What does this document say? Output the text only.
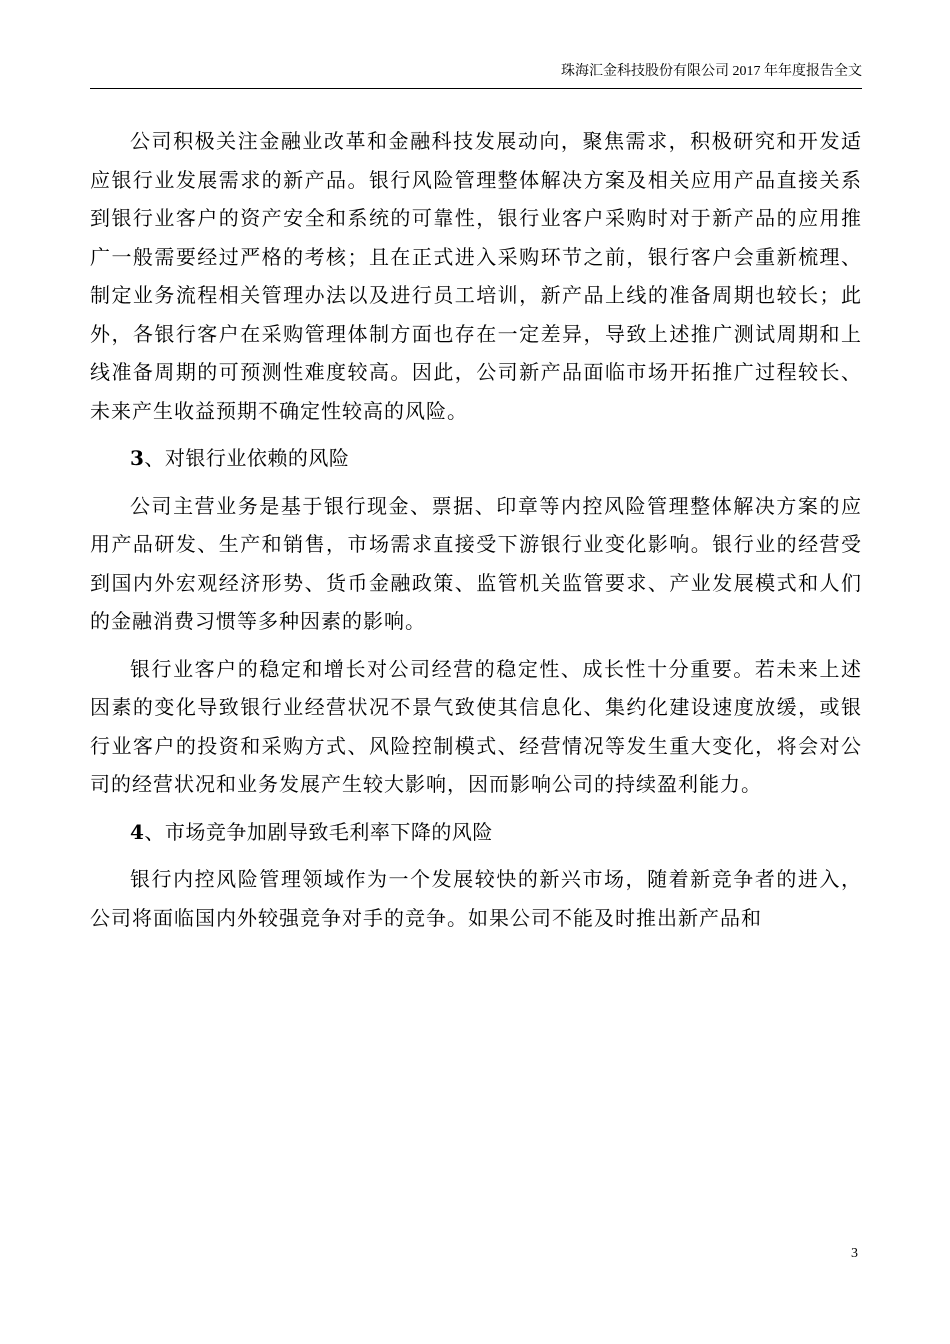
珠海汇金科技股份有限公司 2017 年年度报告全文

公司积极关注金融业改革和金融科技发展动向，聚焦需求，积极研究和开发适应银行业发展需求的新产品。银行风险管理整体解决方案及相关应用产品直接关系到银行业客户的资产安全和系统的可靠性，银行业客户采购时对于新产品的应用推广一般需要经过严格的考核；且在正式进入采购环节之前，银行客户会重新梳理、制定业务流程相关管理办法以及进行员工培训，新产品上线的准备周期也较长；此外，各银行客户在采购管理体制方面也存在一定差异，导致上述推广测试周期和上线准备周期的可预测性难度较高。因此，公司新产品面临市场开拓推广过程较长、未来产生收益预期不确定性较高的风险。

3、对银行业依赖的风险

公司主营业务是基于银行现金、票据、印章等内控风险管理整体解决方案的应用产品研发、生产和销售，市场需求直接受下游银行业变化影响。银行业的经营受到国内外宏观经济形势、货币金融政策、监管机关监管要求、产业发展模式和人们的金融消费习惯等多种因素的影响。

银行业客户的稳定和增长对公司经营的稳定性、成长性十分重要。若未来上述因素的变化导致银行业经营状况不景气致使其信息化、集约化建设速度放缓，或银行业客户的投资和采购方式、风险控制模式、经营情况等发生重大变化，将会对公司的经营状况和业务发展产生较大影响，因而影响公司的持续盈利能力。

4、市场竞争加剧导致毛利率下降的风险

银行内控风险管理领域作为一个发展较快的新兴市场，随着新竞争者的进入，公司将面临国内外较强竞争对手的竞争。如果公司不能及时推出新产品和

3
